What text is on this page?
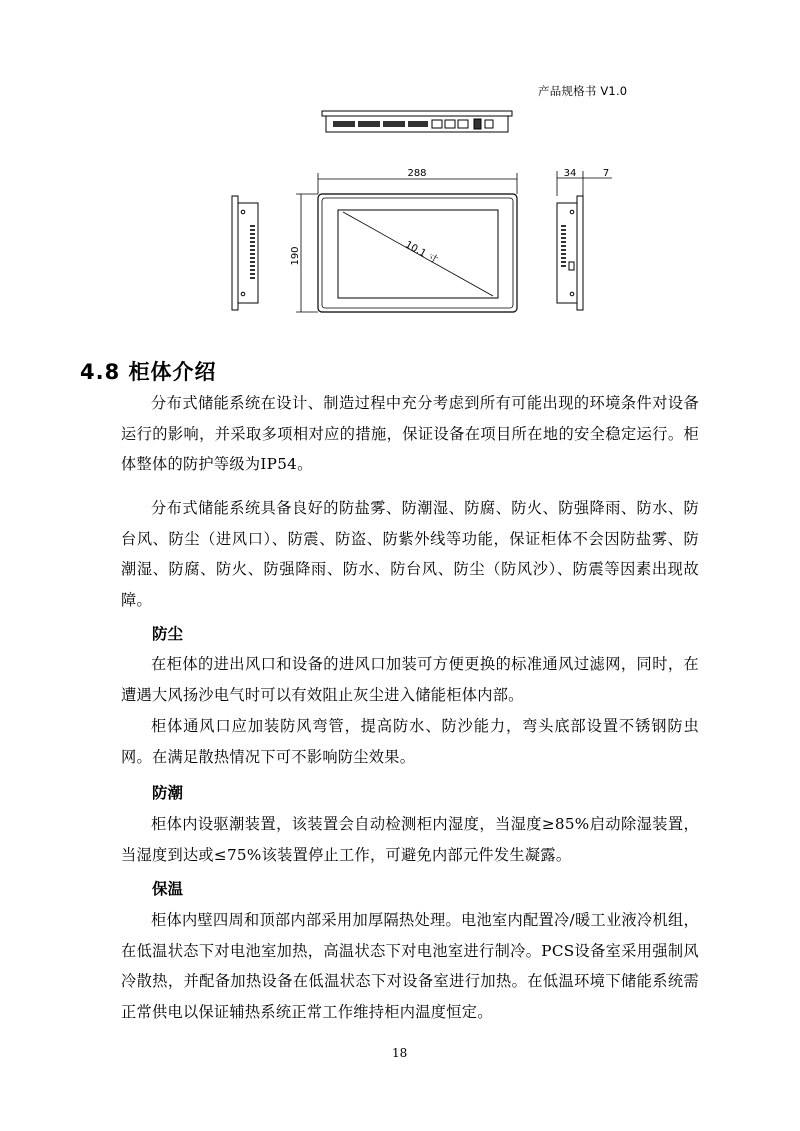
产品规格书 V1.0
288
190	10.1 寸
34	7
4.8 柜体介绍

分布式储能系统在设计、制造过程中充分考虑到所有可能出现的环境条件对设备运行的影响，并采取多项相对应的措施，保证设备在项目所在地的安全稳定运行。柜体整体的防护等级为IP54。

分布式储能系统具备良好的防盐雾、防潮湿、防腐、防火、防强降雨、防水、防台风、防尘（进风口）、防震、防盗、防紫外线等功能，保证柜体不会因防盐雾、防潮湿、防腐、防火、防强降雨、防水、防台风、防尘（防风沙）、防震等因素出现故障。

防尘

在柜体的进出风口和设备的进风口加装可方便更换的标准通风过滤网，同时，在遭遇大风扬沙电气时可以有效阻止灰尘进入储能柜体内部。

柜体通风口应加装防风弯管，提高防水、防沙能力，弯头底部设置不锈钢防虫网。在满足散热情况下可不影响防尘效果。

防潮

柜体内设驱潮装置，该装置会自动检测柜内湿度，当湿度≥85%启动除湿装置，当湿度到达或≤75%该装置停止工作，可避免内部元件发生凝露。

保温

柜体内壁四周和顶部内部采用加厚隔热处理。电池室内配置冷/暖工业液冷机组，在低温状态下对电池室加热，高温状态下对电池室进行制冷。PCS设备室采用强制风冷散热，并配备加热设备在低温状态下对设备室进行加热。在低温环境下储能系统需正常供电以保证辅热系统正常工作维持柜内温度恒定。

18
